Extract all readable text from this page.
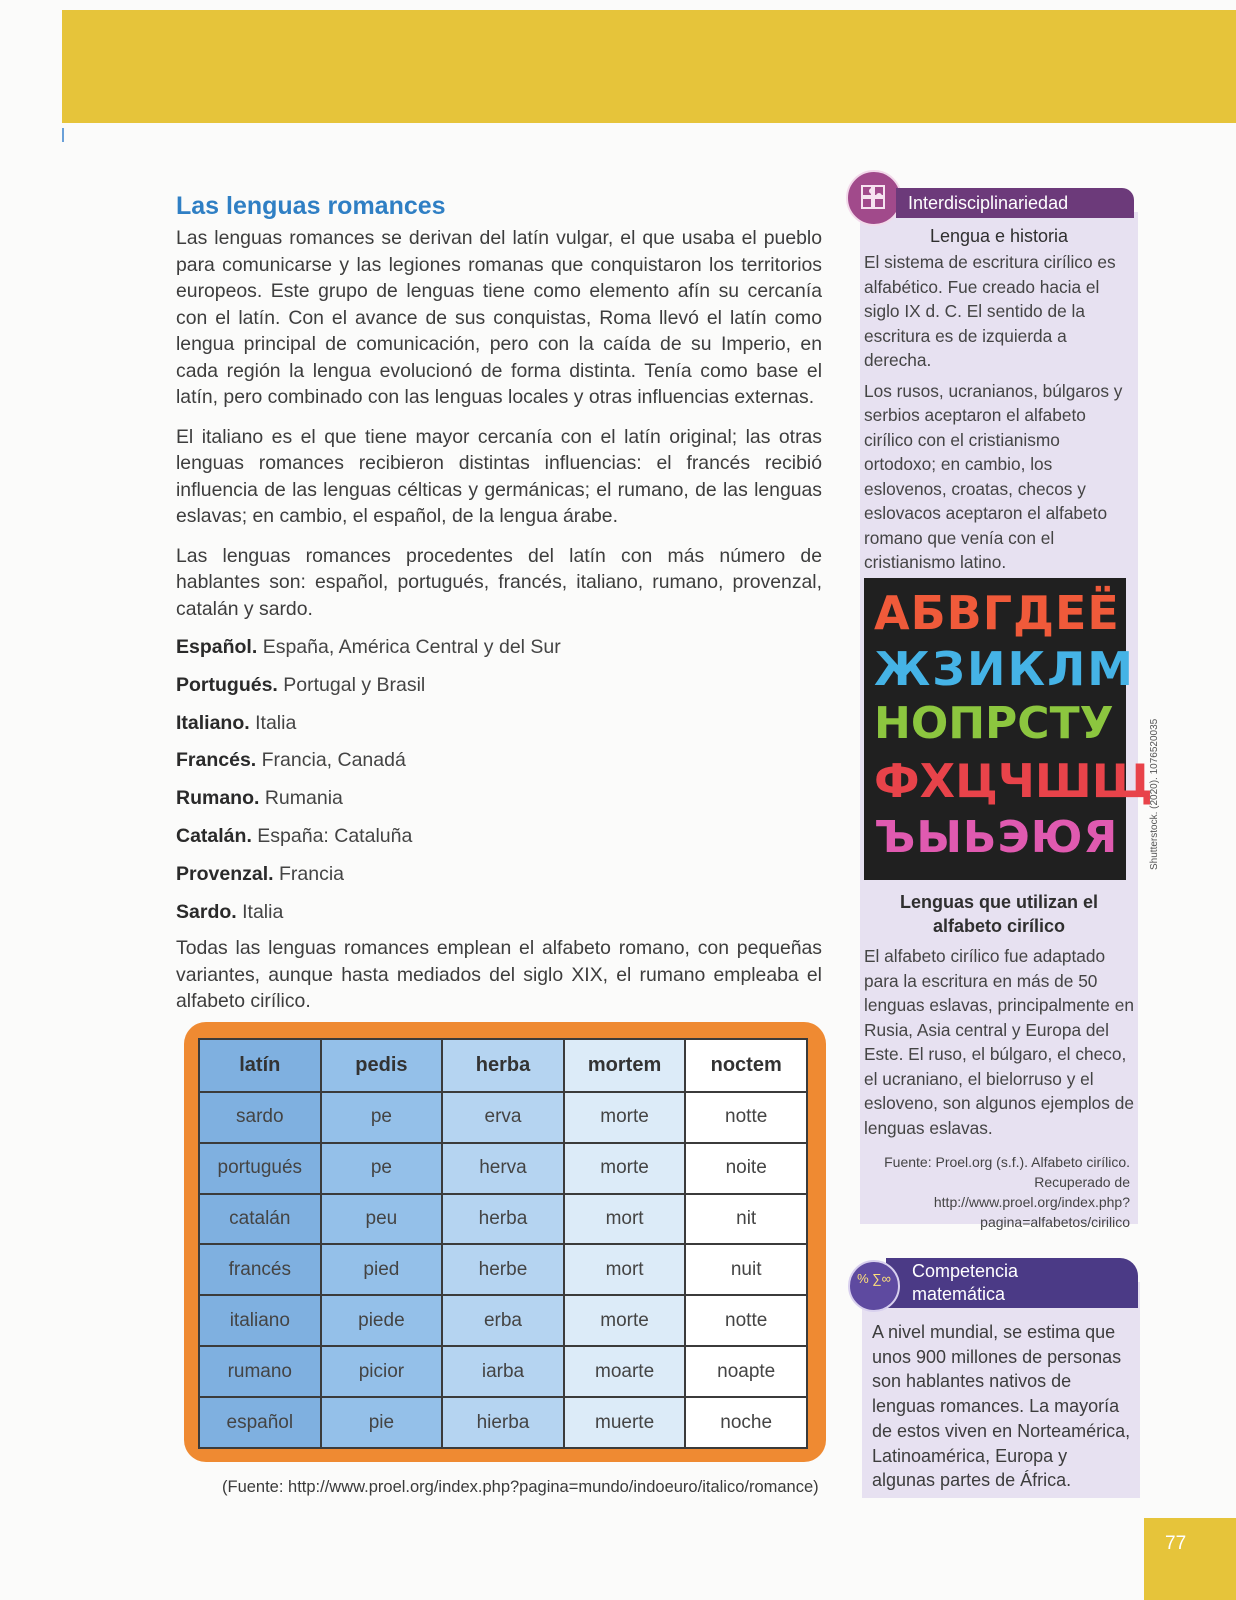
Las lenguas romances

Las lenguas romances se derivan del latín vulgar, el que usaba el pueblo para comunicarse y las legiones romanas que conquistaron los territorios europeos. Este grupo de lenguas tiene como elemento afín su cercanía con el latín. Con el avance de sus conquistas, Roma llevó el latín como lengua principal de comunicación, pero con la caída de su Imperio, en cada región la lengua evolucionó de forma distinta. Tenía como base el latín, pero combinado con las lenguas locales y otras influencias externas.

El italiano es el que tiene mayor cercanía con el latín original; las otras lenguas romances recibieron distintas influencias: el francés recibió influencia de las lenguas célticas y germánicas; el rumano, de las lenguas eslavas; en cambio, el español, de la lengua árabe.

Las lenguas romances procedentes del latín con más número de hablantes son: español, portugués, francés, italiano, rumano, provenzal, catalán y sardo.

Español. España, América Central y del Sur
Portugués. Portugal y Brasil
Italiano. Italia
Francés. Francia, Canadá
Rumano. Rumania
Catalán. España: Cataluña
Provenzal. Francia
Sardo. Italia

Todas las lenguas romances emplean el alfabeto romano, con pequeñas variantes, aunque hasta mediados del siglo XIX, el rumano empleaba el alfabeto cirílico.

latín	pedis	herba	mortem	noctem
sardo	pe	erva	morte	notte
portugués	pe	herva	morte	noite
catalán	peu	herba	mort	nit
francés	pied	herbe	mort	nuit
italiano	piede	erba	morte	notte
rumano	picior	iarba	moarte	noapte
español	pie	hierba	muerte	noche
(Fuente: http://www.proel.org/index.php?pagina=mundo/indoeuro/italico/romance)
Interdisciplinariedad
Lengua e historia

El sistema de escritura cirílico es alfabético. Fue creado hacia el siglo IX d. C. El sentido de la escritura es de izquierda a derecha.

Los rusos, ucranianos, búlgaros y serbios aceptaron el alfabeto cirílico con el cristianismo ortodoxo; en cambio, los eslovenos, croatas, checos y eslovacos aceptaron el alfabeto romano que venía con el cristianismo latino.

АБВГДЕЁ
ЖЗИКЛМ
НОПРСТУ
ФХЦЧШЩ
ЪЫЬЭЮЯ	Shutterstock. (2020). 1076520035
Lenguas que utilizan el alfabeto cirílico
El alfabeto cirílico fue adaptado para la escritura en más de 50 lenguas eslavas, principalmente en Rusia, Asia central y Europa del Este. El ruso, el búlgaro, el checo, el ucraniano, el bielorruso y el esloveno, son algunos ejemplos de lenguas eslavas.
Fuente: Proel.org (s.f.). Alfabeto cirílico. Recuperado de http://www.proel.org/index.php?pagina=alfabetos/cirilico
Competencia
matemática
% ∑∞
A nivel mundial, se estima que unos 900 millones de personas son hablantes nativos de lenguas romances. La mayoría de estos viven en Norteamérica, Latinoamérica, Europa y algunas partes de África.
77
